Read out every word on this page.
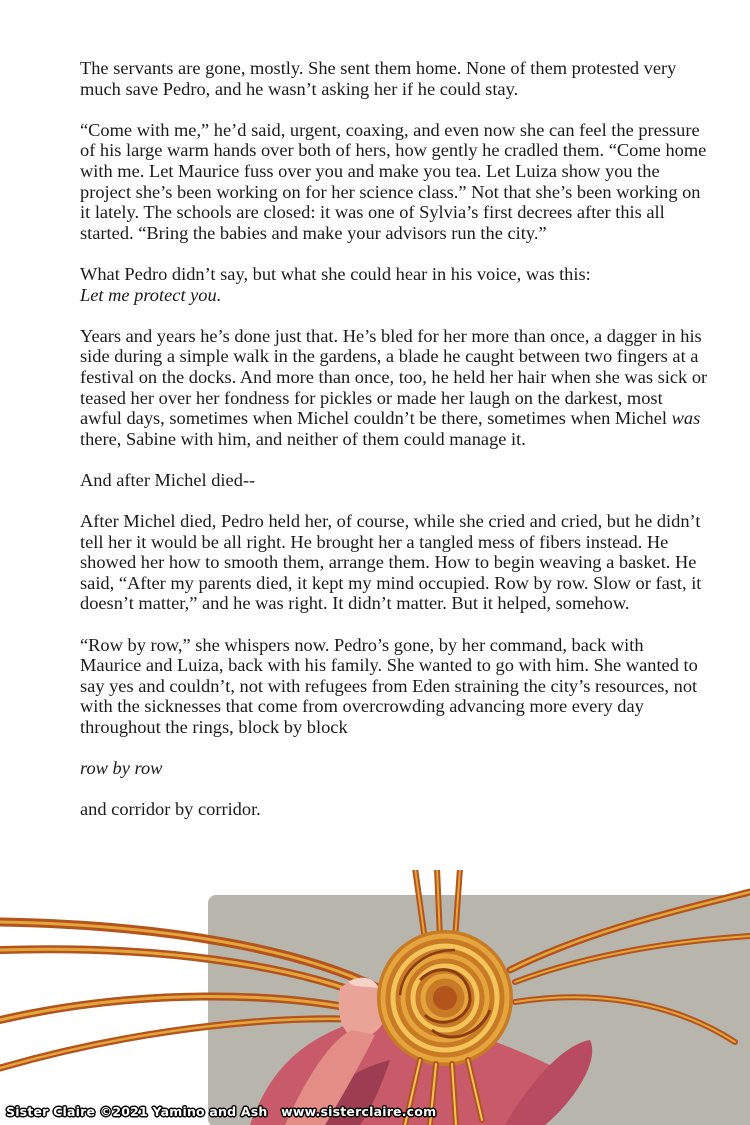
The servants are gone, mostly. She sent them home. None of them protested very much save Pedro, and he wasn’t asking her if he could stay.

“Come with me,” he’d said, urgent, coaxing, and even now she can feel the pressure of his large warm hands over both of hers, how gently he cradled them. “Come home with me. Let Maurice fuss over you and make you tea. Let Luiza show you the project she’s been working on for her science class.” Not that she’s been working on it lately. The schools are closed: it was one of Sylvia’s first decrees after this all started. “Bring the babies and make your advisors run the city.”

What Pedro didn’t say, but what she could hear in his voice, was this:
Let me protect you.

Years and years he’s done just that. He’s bled for her more than once, a dagger in his side during a simple walk in the gardens, a blade he caught between two fingers at a festival on the docks. And more than once, too, he held her hair when she was sick or teased her over her fondness for pickles or made her laugh on the darkest, most awful days, sometimes when Michel couldn’t be there, sometimes when Michel was there, Sabine with him, and neither of them could manage it.

And after Michel died--

After Michel died, Pedro held her, of course, while she cried and cried, but he didn’t tell her it would be all right. He brought her a tangled mess of fibers instead. He showed her how to smooth them, arrange them. How to begin weaving a basket. He said, “After my parents died, it kept my mind occupied. Row by row. Slow or fast, it doesn’t matter,” and he was right. It didn’t matter. But it helped, somehow.

“Row by row,” she whispers now. Pedro’s gone, by her command, back with Maurice and Luiza, back with his family. She wanted to go with him. She wanted to say yes and couldn’t, not with refugees from Eden straining the city’s resources, not with the sicknesses that come from overcrowding advancing more every day throughout the rings, block by block

row by row

and corridor by corridor.

Sister Claire ©2021 Yamino and Ash   www.sisterclaire.com
